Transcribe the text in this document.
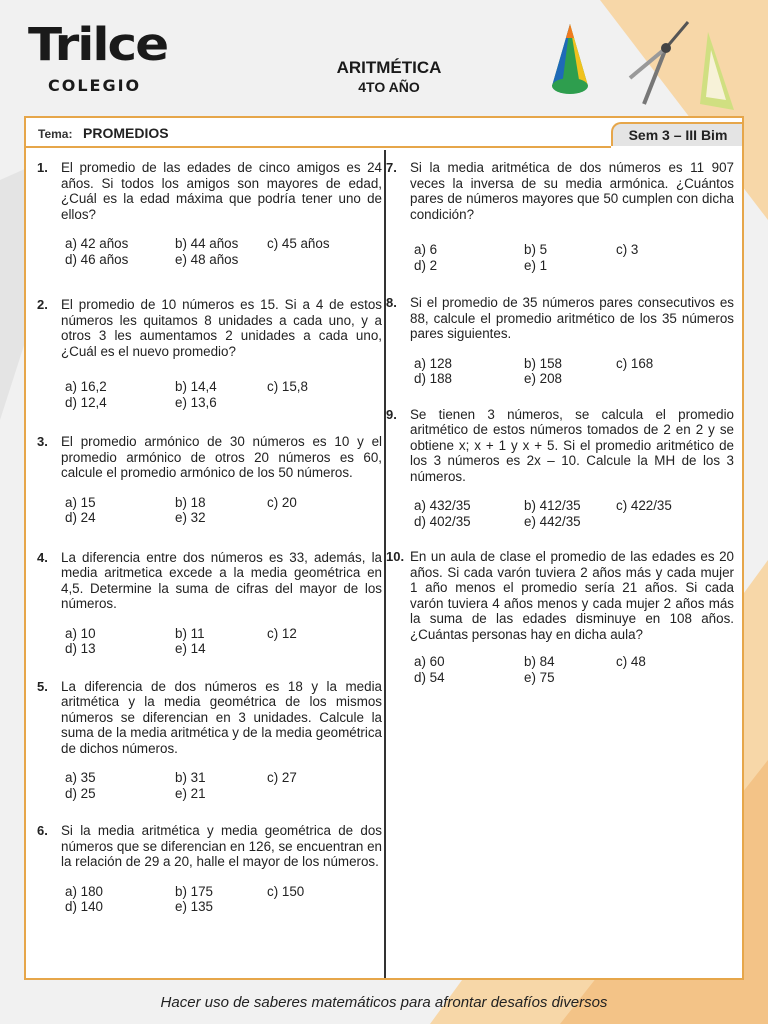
Trilce
COLEGIO
ARITMÉTICA
4TO AÑO
Tema: PROMEDIOS	Sem 3 – III Bim
1. El promedio de las edades de cinco amigos es 24 años. Si todos los amigos son mayores de edad, ¿Cuál es la edad máxima que podría tener uno de ellos?
a) 42 años	b) 44 años	c) 45 años
d) 46 años	e) 48 años
2. El promedio de 10 números es 15. Si a 4 de estos números les quitamos 8 unidades a cada uno, y a otros 3 les aumentamos 2 unidades a cada uno, ¿Cuál es el nuevo promedio?
a) 16,2	b) 14,4	c) 15,8
d) 12,4	e) 13,6
3. El promedio armónico de 30 números es 10 y el promedio armónico de otros 20 números es 60, calcule el promedio armónico de los 50 números.
a) 15	b) 18	c) 20
d) 24	e) 32
4. La diferencia entre dos números es 33, además, la media aritmetica excede a la media geométrica en 4,5. Determine la suma de cifras del mayor de los números.
a) 10	b) 11	c) 12
d) 13	e) 14
5. La diferencia de dos números es 18 y la media aritmética y la media geométrica de los mismos números se diferencian en 3 unidades. Calcule la suma de la media aritmética y de la media geométrica de dichos números.
a) 35	b) 31	c) 27
d) 25	e) 21
6. Si la media aritmética y media geométrica de dos números que se diferencian en 126, se encuentran en la relación de 29 a 20, halle el mayor de los números.
a) 180	b) 175	c) 150
d) 140	e) 135
7. Si la media aritmética de dos números es 11 907 veces la inversa de su media armónica. ¿Cuántos pares de números mayores que 50 cumplen con dicha condición?
a) 6	b) 5	c) 3
d) 2	e) 1
8. Si el promedio de 35 números pares consecutivos es 88, calcule el promedio aritmético de los 35 números pares siguientes.
a) 128	b) 158	c) 168
d) 188	e) 208
9. Se tienen 3 números, se calcula el promedio aritmético de estos números tomados de 2 en 2 y se obtiene x; x + 1 y x + 5. Si el promedio aritmético de los 3 números es 2x – 10. Calcule la MH de los 3 números.
a) 432/35	b) 412/35	c) 422/35
d) 402/35	e) 442/35
10. En un aula de clase el promedio de las edades es 20 años. Si cada varón tuviera 2 años más y cada mujer 1 año menos el promedio sería 21 años. Si cada varón tuviera 4 años menos y cada mujer 2 años más la suma de las edades disminuye en 108 años. ¿Cuántas personas hay en dicha aula?
a) 60	b) 84	c) 48
d) 54	e) 75
Hacer uso de saberes matemáticos para afrontar desafíos diversos
